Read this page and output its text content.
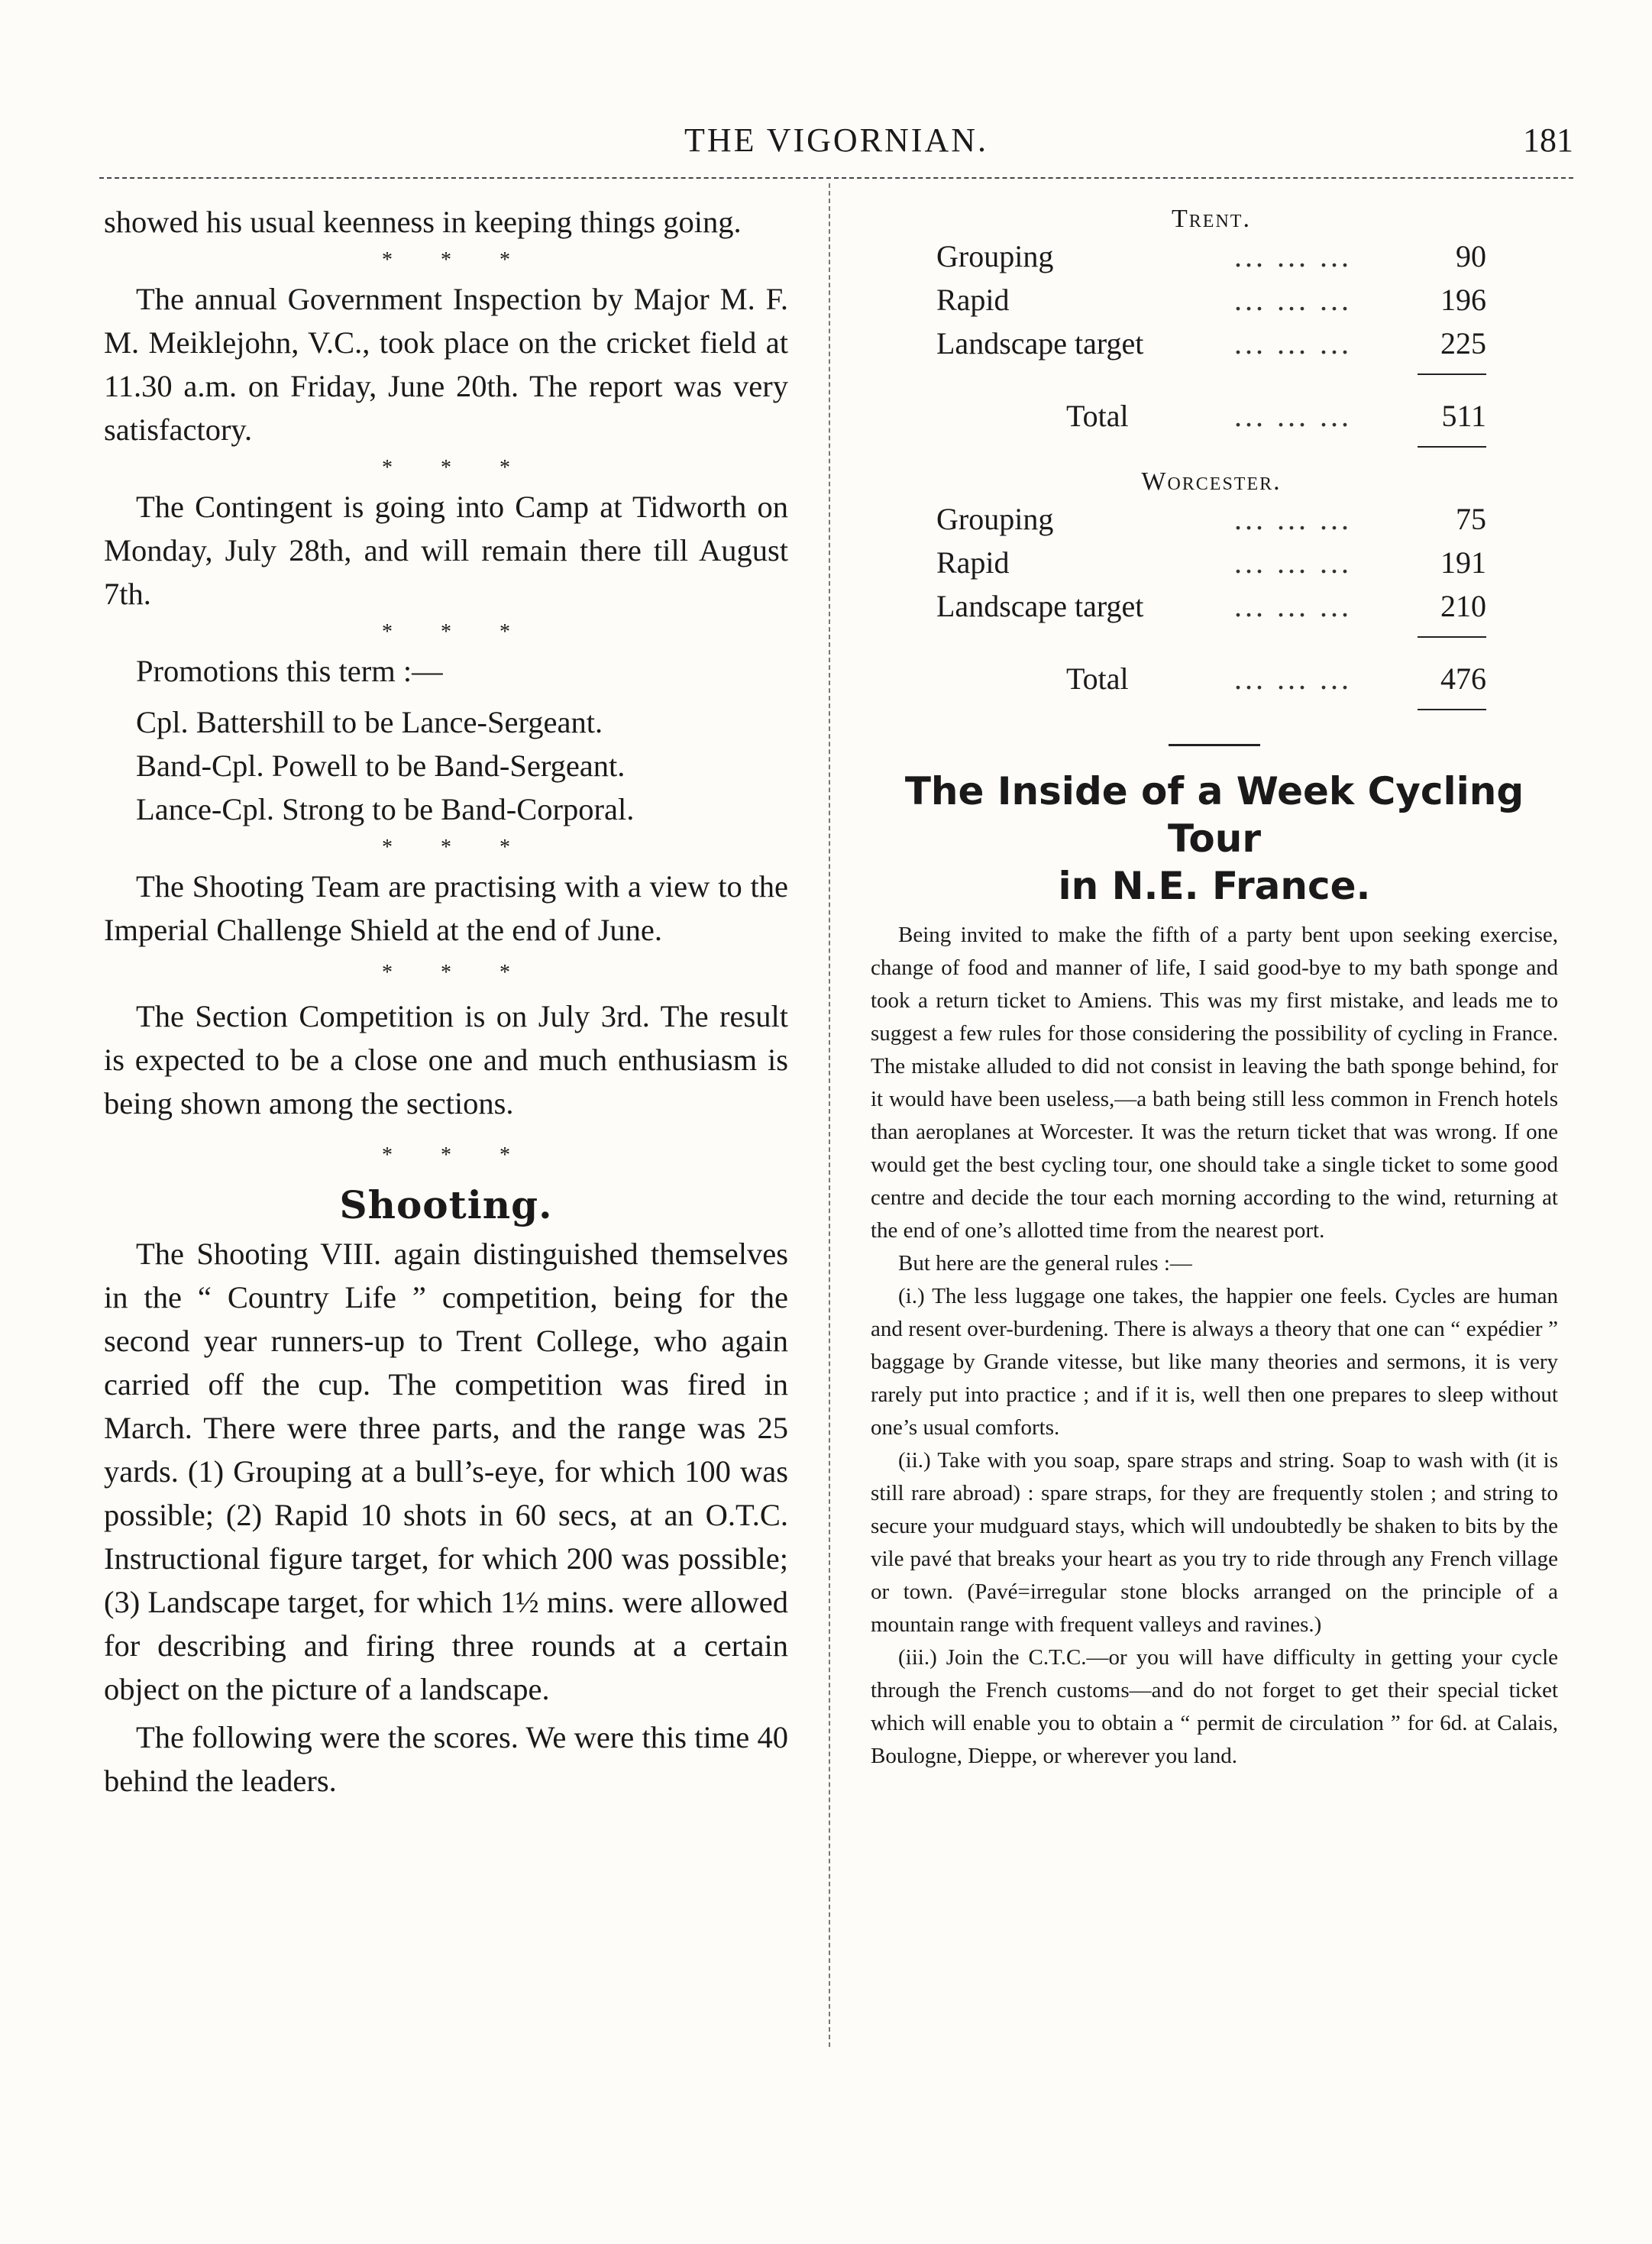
THE VIGORNIAN.	181

showed his usual keenness in keeping things going.

* * *

The annual Government Inspection by Major M. F. M. Meiklejohn, V.C., took place on the cricket field at 11.30 a.m. on Friday, June 20th. The report was very satisfactory.

* * *

The Contingent is going into Camp at Tidworth on Monday, July 28th, and will remain there till August 7th.

* * *

Promotions this term :—

Cpl. Battershill to be Lance-Sergeant.
Band-Cpl. Powell to be Band-Sergeant.
Lance-Cpl. Strong to be Band-Corporal.
* * *

The Shooting Team are practising with a view to the Imperial Challenge Shield at the end of June.

* * *

The Section Competition is on July 3rd. The result is expected to be a close one and much enthusiasm is being shown among the sections.

* * *
Shooting.

The Shooting VIII. again distinguished themselves in the “ Country Life ” competition, being for the second year runners-up to Trent College, who again carried off the cup. The competition was fired in March. There were three parts, and the range was 25 yards. (1) Grouping at a bull’s-eye, for which 100 was possible; (2) Rapid 10 shots in 60 secs, at an O.T.C. Instructional figure target, for which 200 was possible; (3) Landscape target, for which 1½ mins. were allowed for describing and firing three rounds at a certain object on the picture of a landscape.

The following were the scores. We were this time 40 behind the leaders.

Trent.
Grouping	... ... ...	90
Rapid	... ... ...	196
Landscape target	... ... ...	225
Total	... ... ...	511
Worcester.
Grouping	... ... ...	75
Rapid	... ... ...	191
Landscape target	... ... ...	210
Total	... ... ...	476
The Inside of a Week Cycling Tour
in N.E. France.

Being invited to make the fifth of a party bent upon seeking exercise, change of food and manner of life, I said good-bye to my bath sponge and took a return ticket to Amiens. This was my first mistake, and leads me to suggest a few rules for those considering the possibility of cycling in France. The mistake alluded to did not consist in leaving the bath sponge behind, for it would have been useless,—a bath being still less common in French hotels than aeroplanes at Worcester. It was the return ticket that was wrong. If one would get the best cycling tour, one should take a single ticket to some good centre and decide the tour each morning according to the wind, returning at the end of one’s allotted time from the nearest port.

But here are the general rules :—

(i.) The less luggage one takes, the happier one feels. Cycles are human and resent over-burdening. There is always a theory that one can “ expédier ” baggage by Grande vitesse, but like many theories and sermons, it is very rarely put into practice ; and if it is, well then one prepares to sleep without one’s usual comforts.

(ii.) Take with you soap, spare straps and string. Soap to wash with (it is still rare abroad) : spare straps, for they are frequently stolen ; and string to secure your mudguard stays, which will undoubtedly be shaken to bits by the vile pavé that breaks your heart as you try to ride through any French village or town. (Pavé=irregular stone blocks arranged on the principle of a mountain range with frequent valleys and ravines.)

(iii.) Join the C.T.C.—or you will have difficulty in getting your cycle through the French customs—and do not forget to get their special ticket which will enable you to obtain a “ permit de circulation ” for 6d. at Calais, Boulogne, Dieppe, or wherever you land.
